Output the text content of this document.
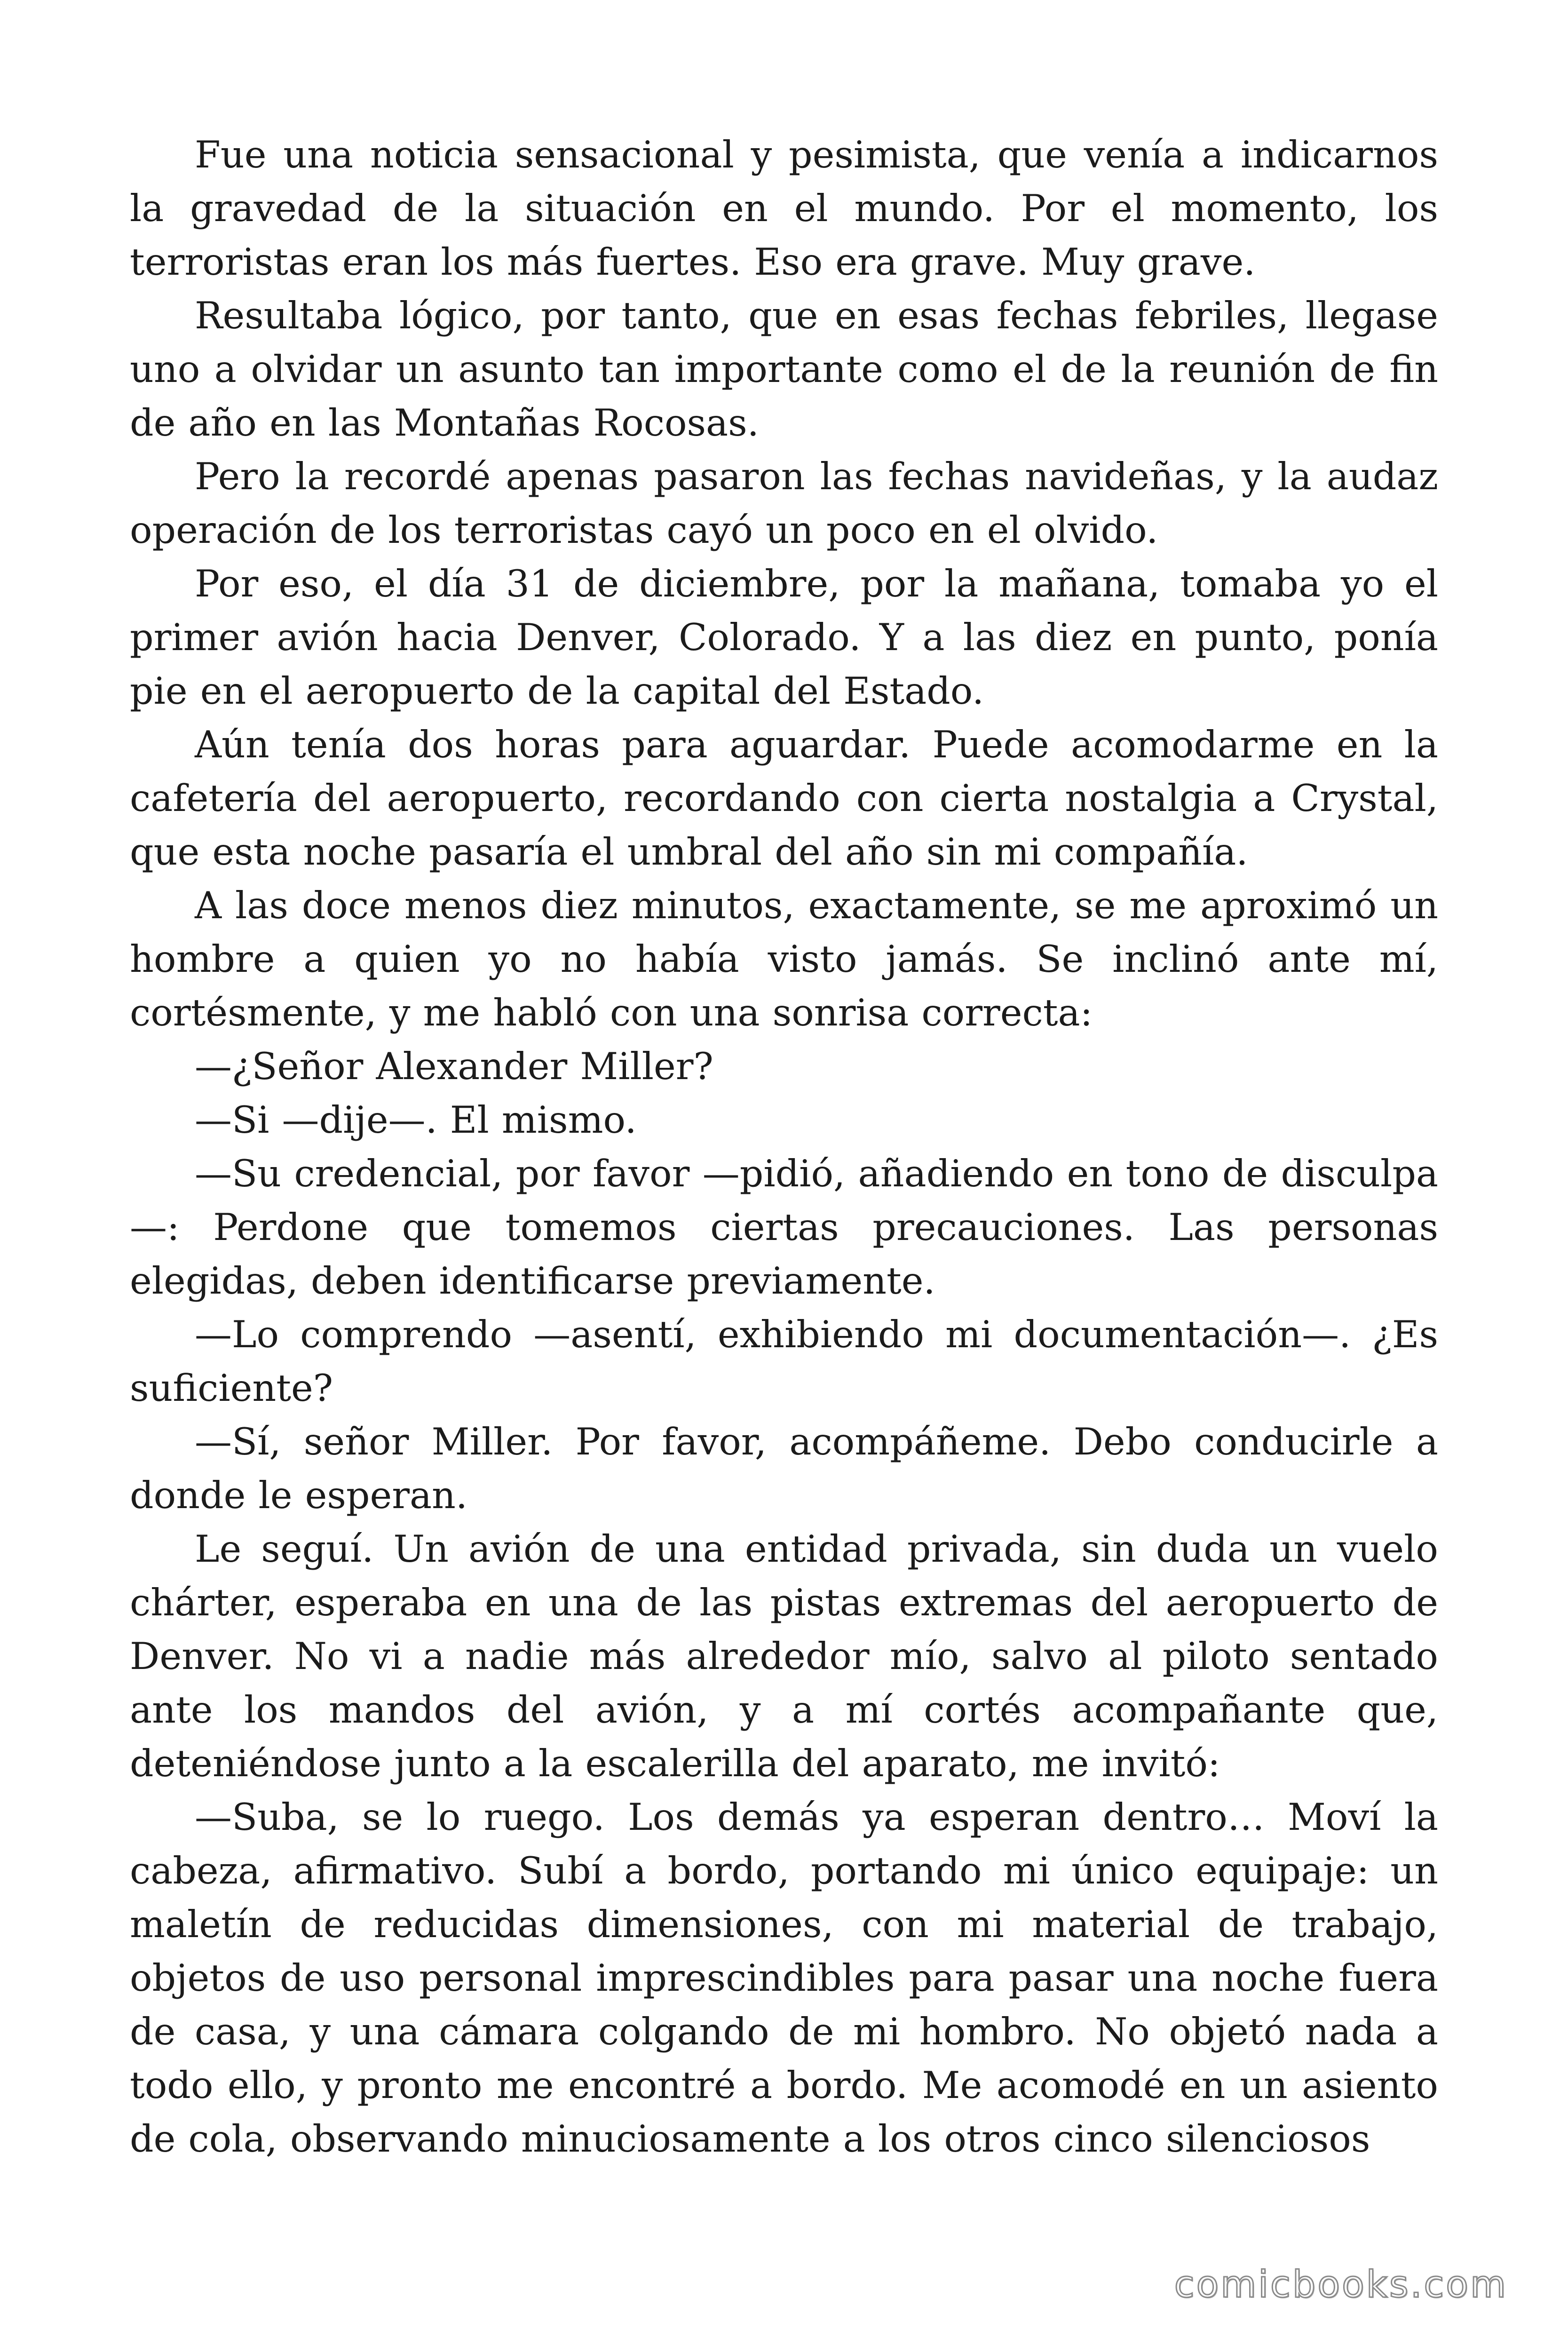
Fue una noticia sensacional y pesimista, que venía a indicarnos la gravedad de la situación en el mundo. Por el momento, los terroristas eran los más fuertes. Eso era grave. Muy grave.

Resultaba lógico, por tanto, que en esas fechas febriles, llegase uno a olvidar un asunto tan importante como el de la reunión de fin de año en las Montañas Rocosas.

Pero la recordé apenas pasaron las fechas navideñas, y la audaz operación de los terroristas cayó un poco en el olvido.

Por eso, el día 31 de diciembre, por la mañana, tomaba yo el primer avión hacia Denver, Colorado. Y a las diez en punto, ponía pie en el aeropuerto de la capital del Estado.

Aún tenía dos horas para aguardar. Puede acomodarme en la cafetería del aeropuerto, recordando con cierta nostalgia a Crystal, que esta noche pasaría el umbral del año sin mi compañía.

A las doce menos diez minutos, exactamente, se me aproximó un hombre a quien yo no había visto jamás. Se inclinó ante mí, cortésmente, y me habló con una sonrisa correcta:

—¿Señor Alexander Miller?

—Si —dije—. El mismo.

—Su credencial, por favor —pidió, añadiendo en tono de disculpa—: Perdone que tomemos ciertas precauciones. Las personas elegidas, deben identificarse previamente.

—Lo comprendo —asentí, exhibiendo mi documentación—. ¿Es suficiente?

—Sí, señor Miller. Por favor, acompáñeme. Debo conducirle a donde le esperan.

Le seguí. Un avión de una entidad privada, sin duda un vuelo chárter, esperaba en una de las pistas extremas del aeropuerto de Denver. No vi a nadie más alrededor mío, salvo al piloto sentado ante los mandos del avión, y a mí cortés acompañante que, deteniéndose junto a la escalerilla del aparato, me invitó:

—Suba, se lo ruego. Los demás ya esperan dentro… Moví la cabeza, afirmativo. Subí a bordo, portando mi único equipaje: un maletín de reducidas dimensiones, con mi material de trabajo, objetos de uso personal imprescindibles para pasar una noche fuera de casa, y una cámara colgando de mi hombro. No objetó nada a todo ello, y pronto me encontré a bordo. Me acomodé en un asiento de cola, observando minuciosamente a los otros cinco silenciosos

comicbooks.com
